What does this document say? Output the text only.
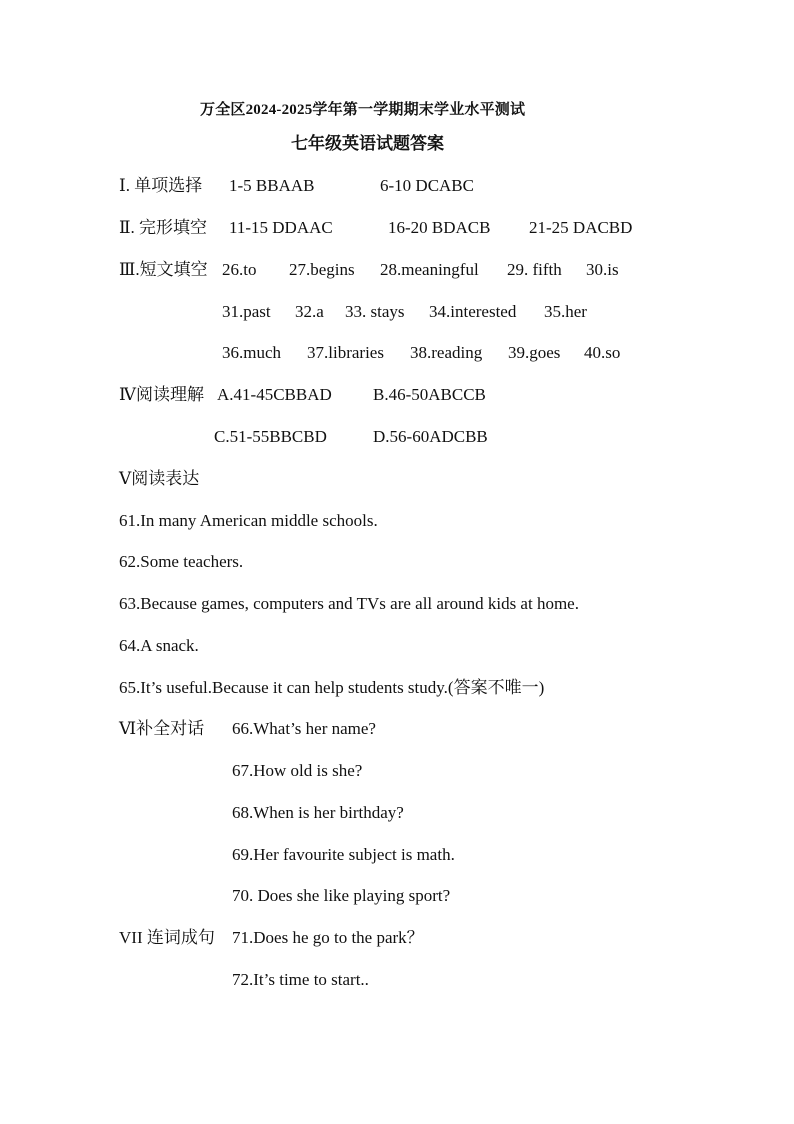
万全区2024-2025学年第一学期期末学业水平测试
七年级英语试题答案
Ⅰ. 单项选择 1-5 BBAAB	6-10 DCABC
Ⅱ. 完形填空 11-15 DDAAC	16-20 BDACB 21-25 DACBD
Ⅲ.短文填空 26.to 27.begins 28.meaningful 29. fifth 30.is
31.past 32.a 33. stays 34.interested 35.her
36.much 37.libraries 38.reading 39.goes 40.so
Ⅳ阅读理解 A.41-45CBBAD B.46-50ABCCB
C.51-55BBCBD	D.56-60ADCBB
Ⅴ阅读表达
61.In many American middle schools.
62.Some teachers.
63.Because games, computers and TVs are all around kids at home.
64.A snack.
65.It’s useful.Because it can help students study.(答案不唯一)
Ⅵ补全对话 66.What’s her name?
67.How old is she?
68.When is her birthday?
69.Her favourite subject is math.
70. Does she like playing sport?
VII 连词成句 71.Does he go to the park？
72.It’s time to start..
